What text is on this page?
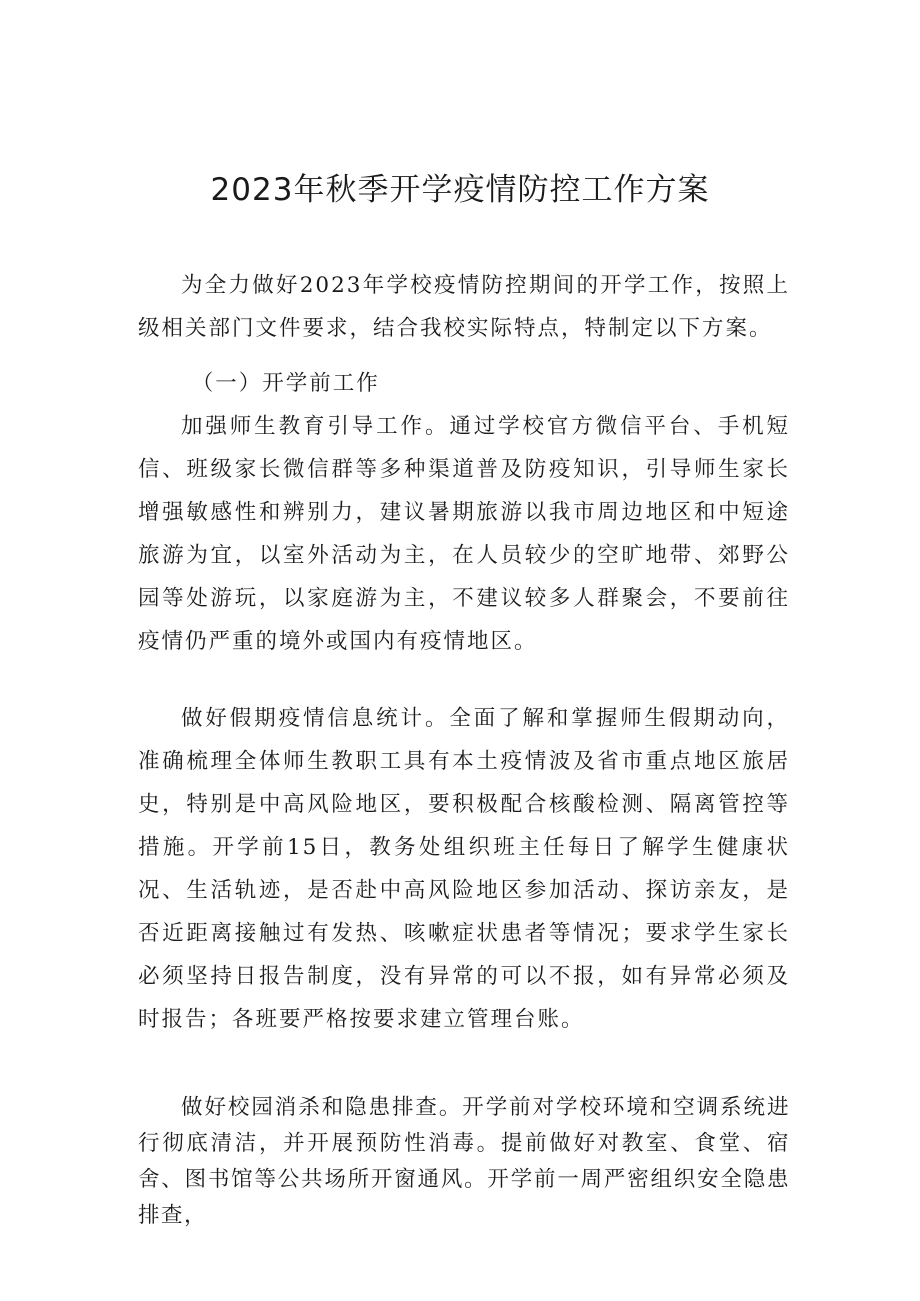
2023年秋季开学疫情防控工作方案

为全力做好2023年学校疫情防控期间的开学工作，按照上级相关部门文件要求，结合我校实际特点，特制定以下方案。

（一）开学前工作

加强师生教育引导工作。通过学校官方微信平台、手机短信、班级家长微信群等多种渠道普及防疫知识，引导师生家长增强敏感性和辨别力，建议暑期旅游以我市周边地区和中短途旅游为宜，以室外活动为主，在人员较少的空旷地带、郊野公园等处游玩，以家庭游为主，不建议较多人群聚会，不要前往疫情仍严重的境外或国内有疫情地区。

做好假期疫情信息统计。全面了解和掌握师生假期动向，准确梳理全体师生教职工具有本土疫情波及省市重点地区旅居史，特别是中高风险地区，要积极配合核酸检测、隔离管控等措施。开学前15日，教务处组织班主任每日了解学生健康状况、生活轨迹，是否赴中高风险地区参加活动、探访亲友，是否近距离接触过有发热、咳嗽症状患者等情况；要求学生家长必须坚持日报告制度，没有异常的可以不报，如有异常必须及时报告；各班要严格按要求建立管理台账。

做好校园消杀和隐患排查。开学前对学校环境和空调系统进行彻底清洁，并开展预防性消毒。提前做好对教室、食堂、宿舍、图书馆等公共场所开窗通风。开学前一周严密组织安全隐患排查，
